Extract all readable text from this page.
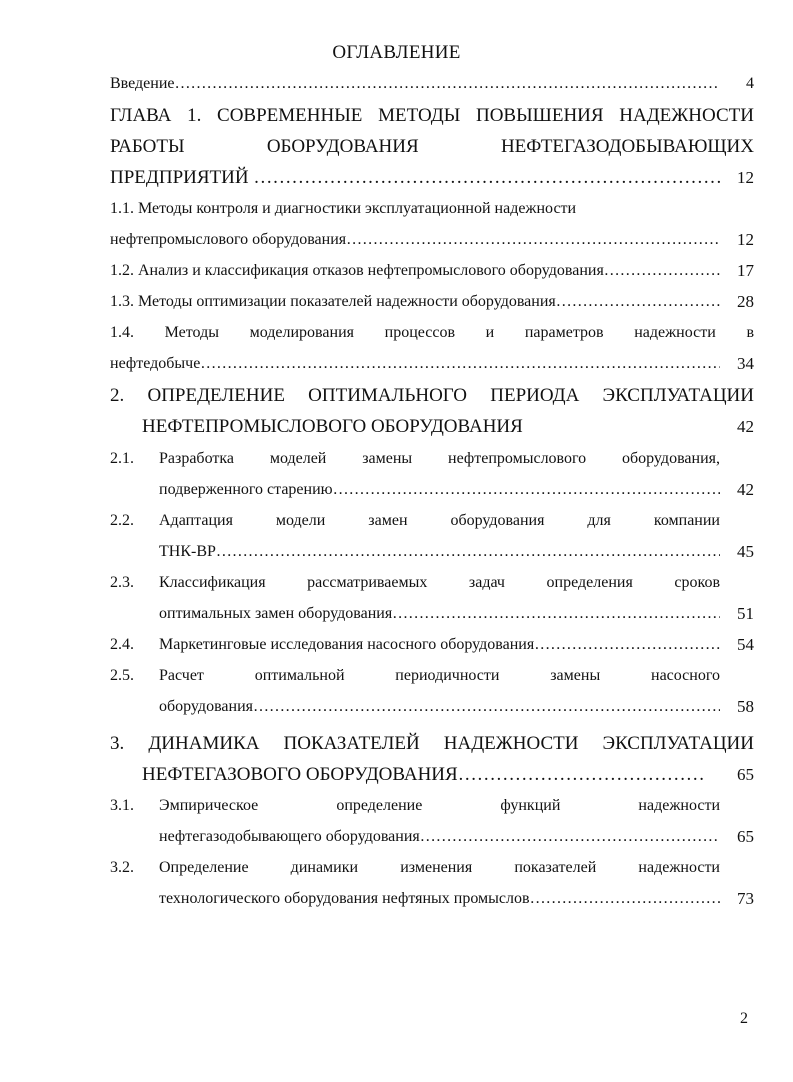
ОГЛАВЛЕНИЕ
Введение ………………………………………………………………………………………………………………	4
ГЛАВА 1. СОВРЕМЕННЫЕ МЕТОДЫ ПОВЫШЕНИЯ НАДЕЖНОСТИ
РАБОТЫ ОБОРУДОВАНИЯ НЕФТЕГАЗОДОБЫВАЮЩИХ
ПРЕДПРИЯТИЙ ………………………………………………………………………………………………………………	12
1.1. Методы контроля и диагностики эксплуатационной надежности
нефтепромыслового оборудования ………………………………………………………………………………………………………………	12
1.2. Анализ и классификация отказов нефтепромыслового оборудования ………………………………………………………………………………………………………………	17
1.3. Методы оптимизации показателей надежности оборудования ………………………………………………………………………………………………………………	28
1.4. Методы моделирования процессов и параметров надежности в
нефтедобыче ………………………………………………………………………………………………………………	34
2. ОПРЕДЕЛЕНИЕ ОПТИМАЛЬНОГО ПЕРИОДА ЭКСПЛУАТАЦИИ
НЕФТЕПРОМЫСЛОВОГО ОБОРУДОВАНИЯ	42
2.1.	Разработка моделей замены нефтепромыслового оборудования,
подверженного старению ………………………………………………………………………………………………………………	42
2.2.	Адаптация модели замен оборудования для компании
ТНК-ВР ………………………………………………………………………………………………………………	45
2.3.	Классификация рассматриваемых задач определения сроков
оптимальных замен оборудования ………………………………………………………………………………………………………………	51
2.4.	Маркетинговые исследования насосного оборудования ………………………………………………………………………………………………………………	54
2.5.	Расчет оптимальной периодичности замены насосного
оборудования ………………………………………………………………………………………………………………	58
3. ДИНАМИКА ПОКАЗАТЕЛЕЙ НАДЕЖНОСТИ ЭКСПЛУАТАЦИИ
НЕФТЕГАЗОВОГО ОБОРУДОВАНИЯ ………………………………………………………………………………………………………………	65
3.1.	Эмпирическое определение функций надежности
нефтегазодобывающего оборудования ………………………………………………………………………………………………………………	65
3.2.	Определение динамики изменения показателей надежности
технологического оборудования нефтяных промыслов ………………………………………………………………………………………………………………	73
2
